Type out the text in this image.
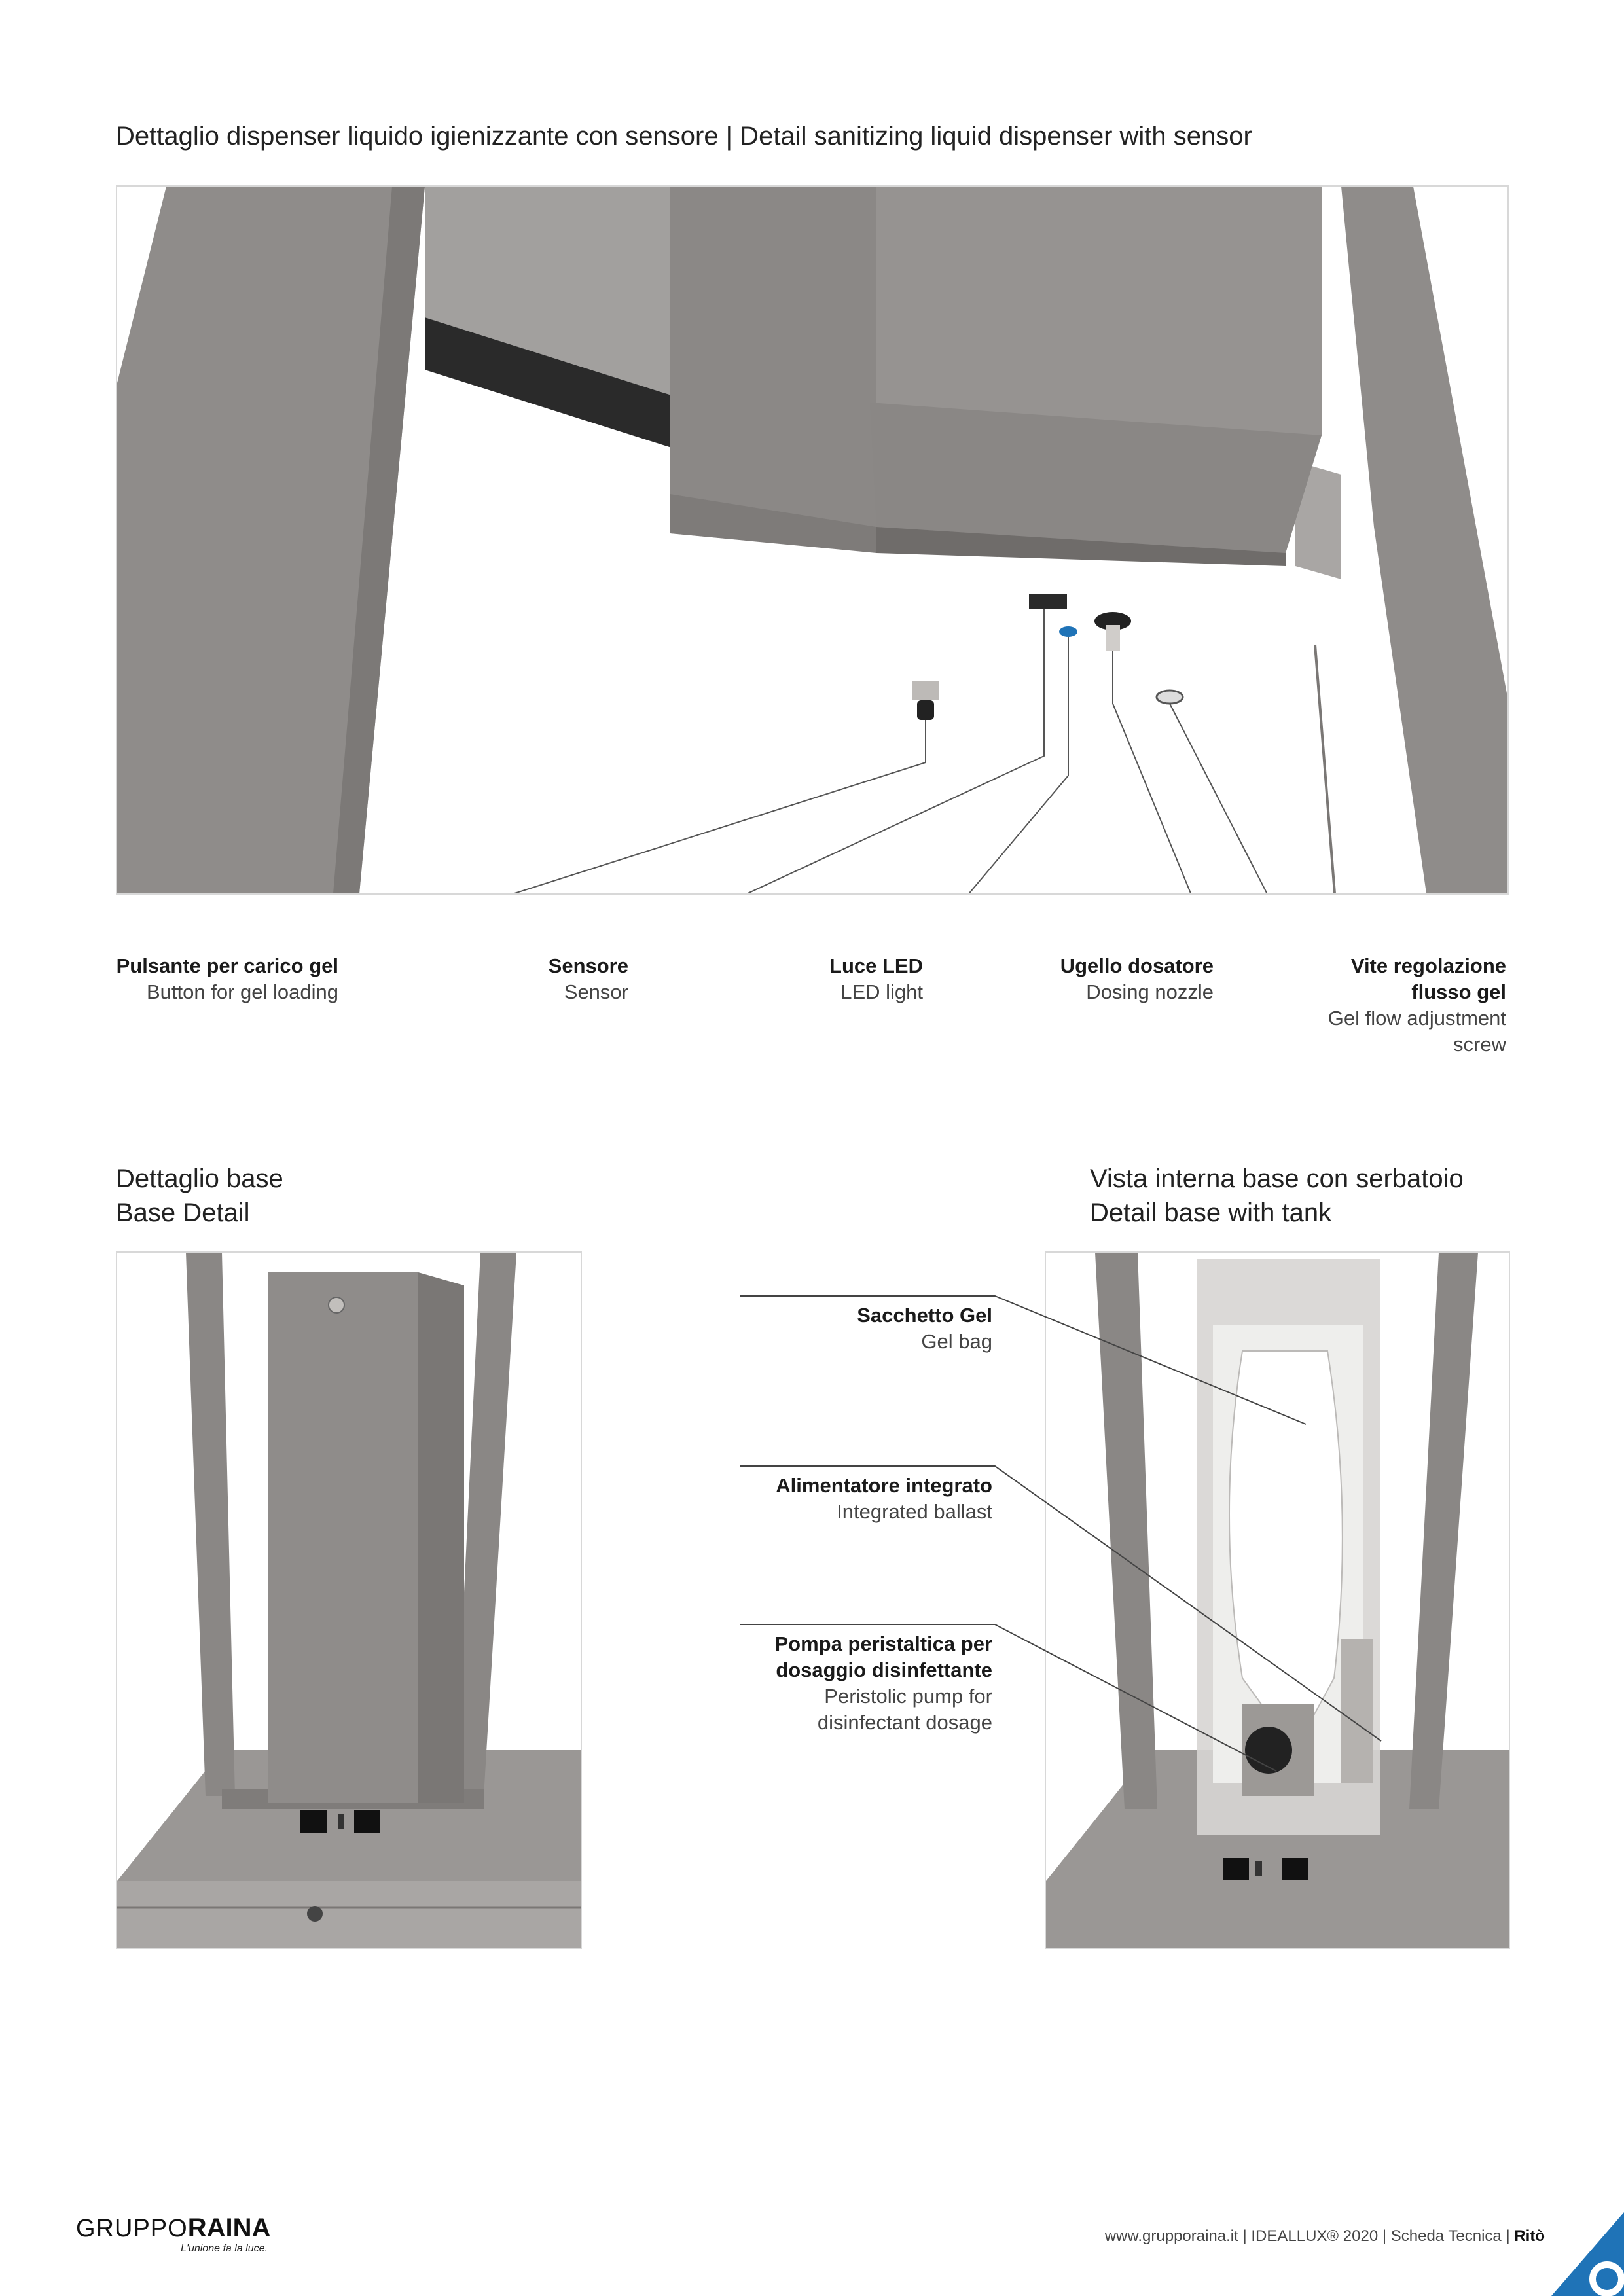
Dettaglio dispenser liquido igienizzante con sensore | Detail sanitizing liquid dispenser with sensor
Pulsante per carico gel
Button for gel loading
Sensore
Sensor
Luce LED
LED light
Ugello dosatore
Dosing nozzle
Vite regolazione flusso gel
Gel flow adjustment screw
Dettaglio base
Base Detail
Vista interna base con serbatoio
Detail base with tank
Sacchetto Gel
Gel bag
Alimentatore integrato
Integrated ballast
Pompa peristaltica per dosaggio disinfettante
Peristolic pump for disinfectant dosage
GRUPPORAINA
L'unione fa la luce.
www.grupporaina.it | IDEALLUX® 2020 | Scheda Tecnica | Ritò
